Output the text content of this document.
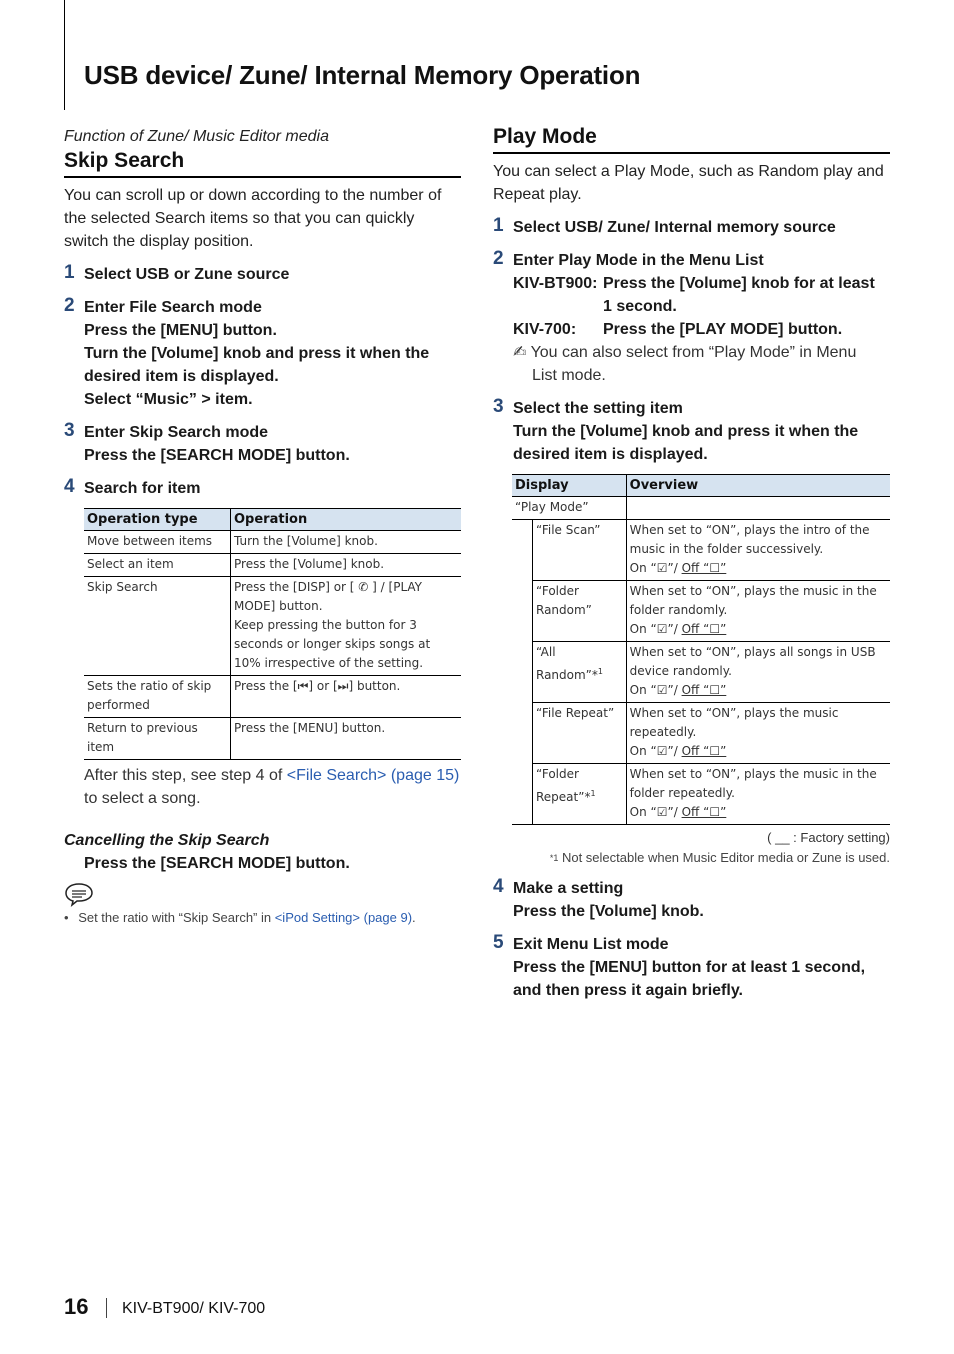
USB device/ Zune/ Internal Memory Operation

Function of Zune/ Music Editor media

Skip Search

You can scroll up or down according to the number of the selected Search items so that you can quickly switch the display position.

1 Select USB or Zune source

2 Enter File Search mode

Press the [MENU] button.

Turn the [Volume] knob and press it when the desired item is displayed.

Select “Music” > item.

3 Enter Skip Search mode

Press the [SEARCH MODE] button.

4 Search for item

Operation type	Operation
Move between items	Turn the [Volume] knob.
Select an item	Press the [Volume] knob.
Skip Search	Press the [DISP] or [ ✆ ] / [PLAY MODE] button.
Keep pressing the button for 3 seconds or longer skips songs at 10% irrespective of the setting.

Sets the ratio of skip performed	Press the [⏮] or [⏭] button.
Return to previous item	Press the [MENU] button.

After this step, see step 4 of <File Search> (page 15)
to select a song.

Cancelling the Skip Search

Press the [SEARCH MODE] button.

• Set the ratio with “Skip Search” in <iPod Setting> (page 9).

Play Mode

You can select a Play Mode, such as Random play and Repeat play.

1 Select USB/ Zune/ Internal memory source

2 Enter Play Mode in the Menu List

KIV-BT900: Press the [Volume] knob for at least

1 second.

KIV-700:	Press the [PLAY MODE] button.

✍ You can also select from “Play Mode” in Menu

List mode.

3 Select the setting item

Turn the [Volume] knob and press it when the

desired item is displayed.

Display		Overview
“Play Mode”		
	“File Scan”	When set to “ON”, plays the intro of the music in the folder successively.
On “☑”/ Off “☐”

	“Folder Random”	When set to “ON”, plays the music in the folder randomly.
On “☑”/ Off “☐”

	“All Random”*$^1$	When set to “ON”, plays all songs in USB device randomly.
On “☑”/ Off “☐”

	“File Repeat”	When set to “ON”, plays the music repeatedly.
On “☑”/ Off “☐”

	“Folder Repeat”*$^1$	When set to “ON”, plays the music in the folder repeatedly.
On “☑”/ Off “☐”

( __ : Factory setting)

$^{*1}$ Not selectable when Music Editor media or Zune is used.

4 Make a setting

Press the [Volume] knob.

5 Exit Menu List mode

Press the [MENU] button for at least 1 second,

and then press it again briefly.

16 KIV-BT900/ KIV-700
